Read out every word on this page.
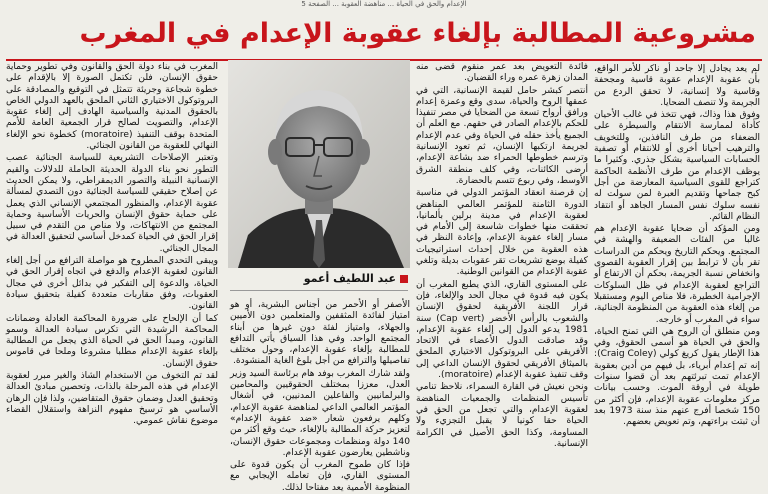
الإعدام والحق في الحياة ... مناهضة العقوبة ... الصفحة 5
مشروعية المطالبة بإلغاء عقوبة الإعدام في المغرب

لم يعد يجادل إلا جاحد أو ناكر للأمر الواقع، بأن عقوبة الإعدام عقوبة قاسية ومجحفة وقاسية ولا إنسانية، لا تحقق الردع من الجريمة ولا تنصف الضحايا.

وفوق هذا وذاك، فهي تتخذ في غالب الأحيان كأداة لممارسة الانتقام والسيطرة على الضعفاء من طرف النافذين، وللتخويف والترهيب أحيانا أخرى أو للانتقام أو تصفية الحسابات السياسية بشكل جذري. وكثيرا ما يوظف الإعدام من طرف الأنظمة الحاكمة كتراجع للقوى السياسية المعارضة من أجل كبح جماحها وتقديم العبرة لمن سولت له نفسه سلوك نفس المسار الجاهد أو انتقاد النظام القائم.

ومن المؤكد أن ضحايا عقوبة الإعدام هم غالبا من الفئات الضعيفة والهشة في المجتمع. ويحكم التاريخ ويحكم من الدراسات تقر بأن لا ترابط بين إقرار العقوبة القصوى وانخفاض نسبة الجريمة، بحكم أن الارتفاع أو التراجع لعقوبة الإعدام في ظل السلوكات الإجرامية الخطيرة، فلا مناص اليوم ومستقبلا من إلغاء هذه العقوبة من المنظومة الجنائية، سواء في المغرب أو خارجه.

ومن منطلق أن الروح هي التي تمنح الحياة، والحق في الحياة هو أسمى الحقوق، وفي هذا الإطار يقول كريغ كولي (Craig Coley): إنه تم إعدام أبرياء، بل فيهم من أدين بعقوبة الإعدام تمت تبرئتهم بعد أن قضوا سنوات طويلة في أروقة الموت. وحسب بيانات مركز معلومات عقوبة الإعدام، فإن أكثر من 150 شخصا أفرج عنهم منذ سنة 1973 بعد أن ثبتت براءتهم، وتم تعويض بعضهم.

فائدة التعويض بعد عمر منقوم قضى منه المدان زهرة عمره وراء القضبان.

أنتصر كبشر حامل لقيمة الإنسانية، التي في عمقها الروح والحياة، سدى وقع وعمزة إعدام ورافق أرواح تسعة من الضحايا في مصر تنفيذا للحكم بالإعدام الصادر في حقهم. مع العلم أن الجميع يأخذ حقله في الحياة وفي عدم الإعدام لجريمة ارتكبها الإنسان، ثم تعود الإنسانية وترسم خطوطها الحمراء ضد بشاعة الإعدام، أرضى الكائنات، وفي كلف منطقة الشرق الأوسط، وفي ربوع تتسم بالحضارة.

إن قرصنة انعقاد المؤتمر الدولي في مناسبة الدورة الثامنة للمؤتمر العالمي المناهض لعقوبة الإعدام في مدينة برلين بألمانيا، تحققت منها خطوات شاسعة إلى الأمام في مسار إلغاء عقوبة الإعدام، وإعادة النظر في هذه العقوبة من خلال إحداث استراتيجيات كفيلة بوضع تشريعات تقر عقوبات بديلة وتلغي عقوبة الإعدام من القوانين الوطنية.

على المستوى القاري، الذي يطبع المغرب أن يكون فيه قدوة في مجال الحد والإلغاء، فإن قرار اللجنة الأفريقية لحقوق الإنسان والشعوب بالرأس الأخضر (Cap vert) سنة 1981 يدعو الدول إلى إلغاء عقوبة الإعدام، وقد صادقت الدول الأعضاء في الاتحاد الأفريقي على البروتوكول الاختياري الملحق بالميثاق الأفريقي لحقوق الإنسان الداعي إلى وقف تنفيذ عقوبة الإعدام (moratoire).

ونحن نعيش في القارة السمراء، نلاحظ تنامي تأسيس المنظمات والجمعيات المناهضة لعقوبة الإعدام، والتي تجعل من الحق في الحياة حقا كونيا لا يقبل التجزيء ولا المساومة، وكذا الحق الأصيل في الكرامة الإنسانية.

عبد اللطيف أعمو

الأصفر أو الأحمر من أجناس البشرية، أو هو امتياز لفائدة المثقفين والمتعلمين دون الأميين والجهلاء، وامتياز لفئة دون غيرها من أبناء المجتمع الواحد. وفي هذا السياق يأتي التدافع للمطالبة بإلغاء عقوبة الإعدام، وحول مختلف تفاصيلها والترافع من أجل بلوغ الغاية المنشودة.

ولقد شارك المغرب بوفد هام برئاسة السيد وزير العدل، معززا بمختلف الحقوقيين والمحامين والبرلمانيين والفاعلين المدنيين، في أشغال المؤتمر العالمي الداعي لمناهضة عقوبة الإعدام، وكلهم يرفعون شعار «ضد عقوبة الإعدام» لتعزيز حركة المطالبة بالإلغاء، حيث وقع أكثر من 140 دولة ومنظمات ومجموعات حقوق الإنسان، وناشطين يعارضون عقوبة الإعدام.

فإذا كان طموح المغرب أن يكون قدوة على المستوى القاري، فإن تعامله الإيجابي مع المنظومة الأممية يعد مفتاحا لذلك.

المغرب في بناء دولة الحق والقانون وفي تطوير وحماية حقوق الإنسان، فلن تكتمل الصورة إلا بالإقدام على خطوة شجاعة وجريئة تتمثل في التوقيع والمصادقة على البروتوكول الاختياري الثاني الملحق بالعهد الدولي الخاص بالحقوق المدنية والسياسية الهادف إلى إلغاء عقوبة الإعدام، والتصويت لصالح قرار الجمعية العامة للأمم المتحدة بوقف التنفيذ (moratoire) كخطوة نحو الإلغاء النهائي للعقوبة من القانون الجنائي.

وتعتبر الإصلاحات التشريعية للسياسة الجنائية عصب التطور نحو بناء الدولة الحديثة الحاملة للدلالات والقيم الإنسانية النبيلة والتصور الديمقراطي، ولا يمكن الحديث عن إصلاح حقيقي للسياسة الجنائية دون التصدي لمسألة عقوبة الإعدام، والمنظور المجتمعي الإنساني الذي يعمل على حماية حقوق الإنسان والحريات الأساسية وحماية المجتمع من الانتهاكات، ولا مناص من التقدم في سبيل إقرار الحق في الحياة كمدخل أساسي لتحقيق العدالة في المجال الجنائي.

ويبقى التحدي المطروح هو مواصلة الترافع من أجل إلغاء القانون لعقوبة الإعدام والدفع في اتجاه إقرار الحق في الحياة، والدعوة إلى التفكير في بدائل أخرى في مجال العقوبات، وفق مقاربات متعددة كفيلة بتحقيق سيادة القانون.

كما أن الإلحاح على ضرورة المحاكمة العادلة وضمانات المحاكمة الرشيدة التي تكرس سيادة العدالة وسمو القانون، ومبدأ الحق في الحياة الذي يجعل من المطالبة بإلغاء عقوبة الإعدام مطلبا مشروعا وملحا في قاموس حقوق الإنسان.

لقد تم التخوف من الاستخدام الشاذ والغير مبرر لعقوبة الإعدام في هذه المرحلة بالذات، وتحصين مبادئ العدالة وتحقيق العدل وضمان حقوق المتقاضين، ولذا فإن الرهان الأساسي هو ترسيخ مفهوم النزاهة واستقلال القضاء موضوع نقاش عمومي.
